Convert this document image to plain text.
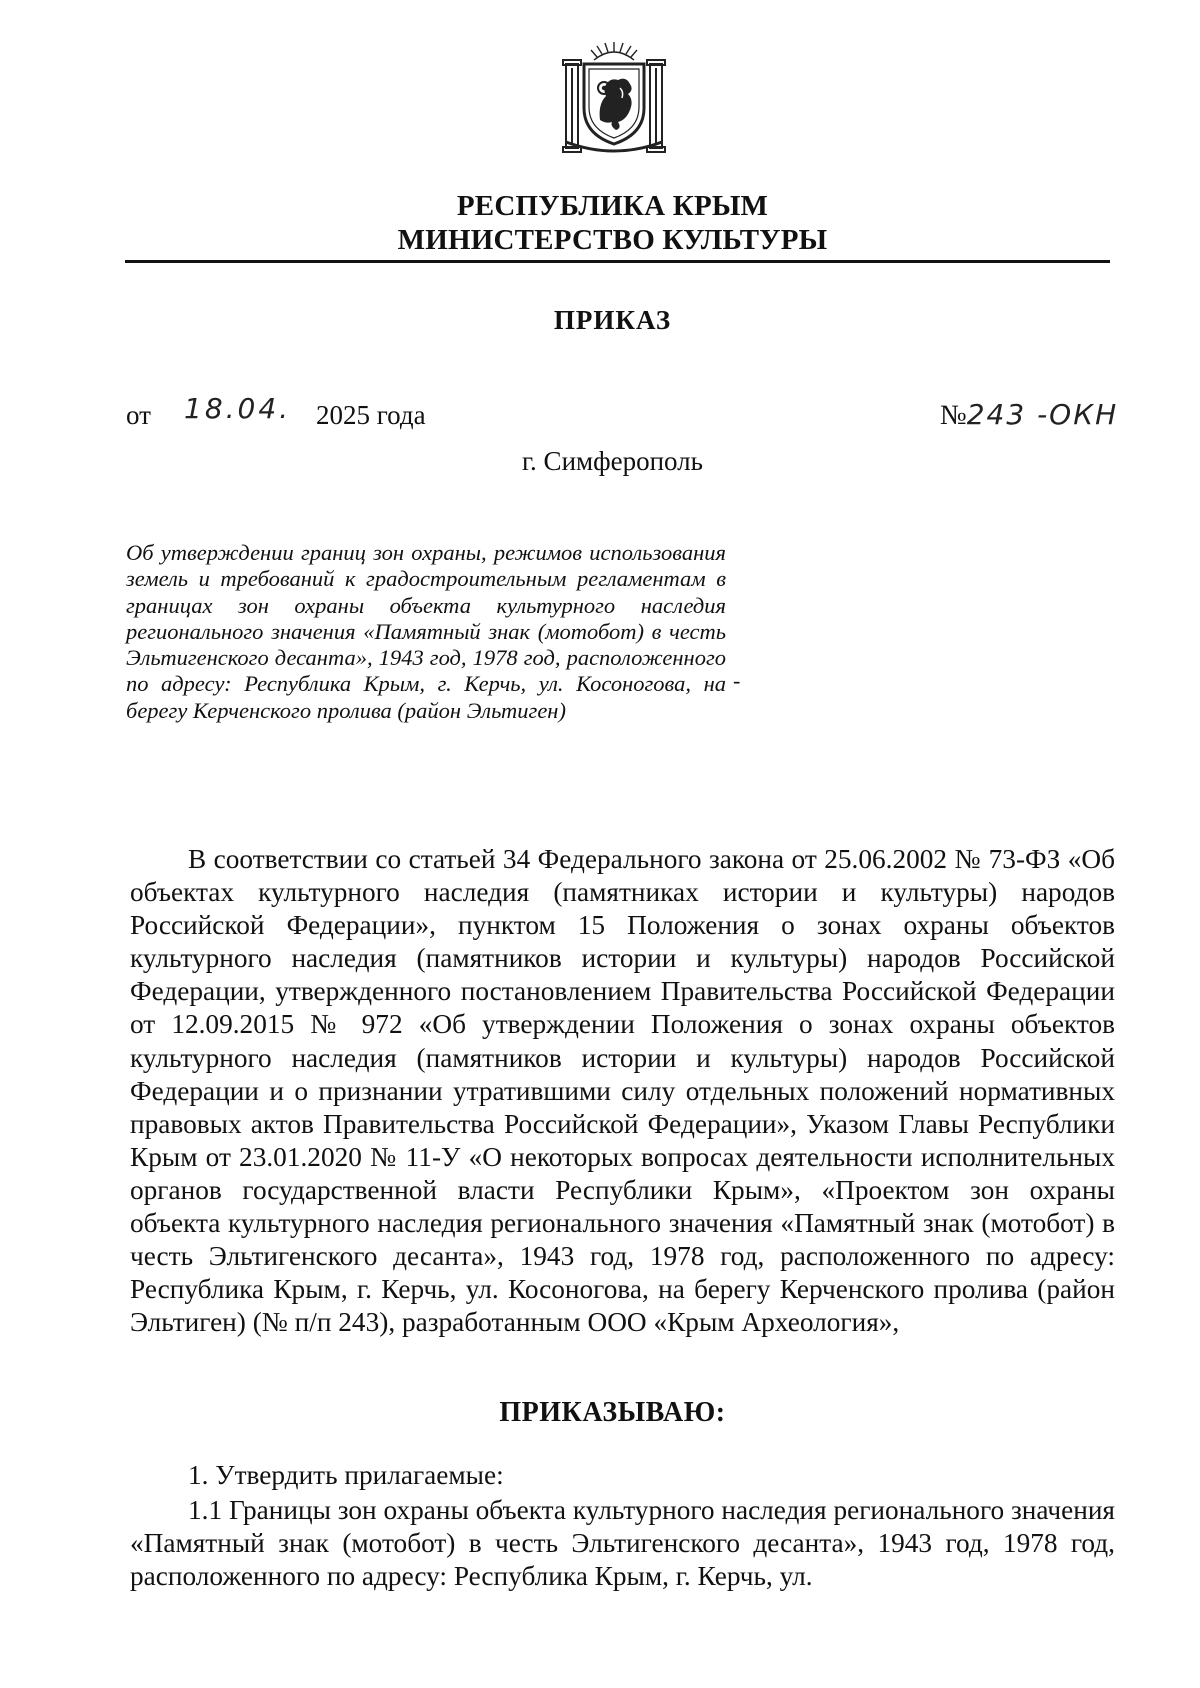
РЕСПУБЛИКА КРЫМ
МИНИСТЕРСТВО КУЛЬТУРЫ
ПРИКАЗ
от 18.04. 2025 года	№243 -ОКН
г. Симферополь
Об утверждении границ зон охраны, режимов использования земель и требований к градостроительным регламентам в границах зон охраны объекта культурного наследия регионального значения «Памятный знак (мотобот) в честь Эльтигенского десанта», 1943 год, 1978 год, расположенного по адресу: Республика Крым, г. Керчь, ул. Косоногова, на берегу Керченского пролива (район Эльтиген)
-
В соответствии со статьей 34 Федерального закона от 25.06.2002 № 73-ФЗ «Об объектах культурного наследия (памятниках истории и культуры) народов Российской Федерации», пунктом 15 Положения о зонах охраны объектов культурного наследия (памятников истории и культуры) народов Российской Федерации, утвержденного постановлением Правительства Российской Федерации от 12.09.2015 № 972 «Об утверждении Положения о зонах охраны объектов культурного наследия (памятников истории и культуры) народов Российской Федерации и о признании утратившими силу отдельных положений нормативных правовых актов Правительства Российской Федерации», Указом Главы Республики Крым от 23.01.2020 № 11-У «О некоторых вопросах деятельности исполнительных органов государственной власти Республики Крым», «Проектом зон охраны объекта культурного наследия регионального значения «Памятный знак (мотобот) в честь Эльтигенского десанта», 1943 год, 1978 год, расположенного по адресу: Республика Крым, г. Керчь, ул. Косоногова, на берегу Керченского пролива (район Эльтиген) (№ п/п 243), разработанным ООО «Крым Археология»,
ПРИКАЗЫВАЮ:
1. Утвердить прилагаемые:
1.1 Границы зон охраны объекта культурного наследия регионального значения «Памятный знак (мотобот) в честь Эльтигенского десанта», 1943 год, 1978 год, расположенного по адресу: Республика Крым, г. Керчь, ул.
